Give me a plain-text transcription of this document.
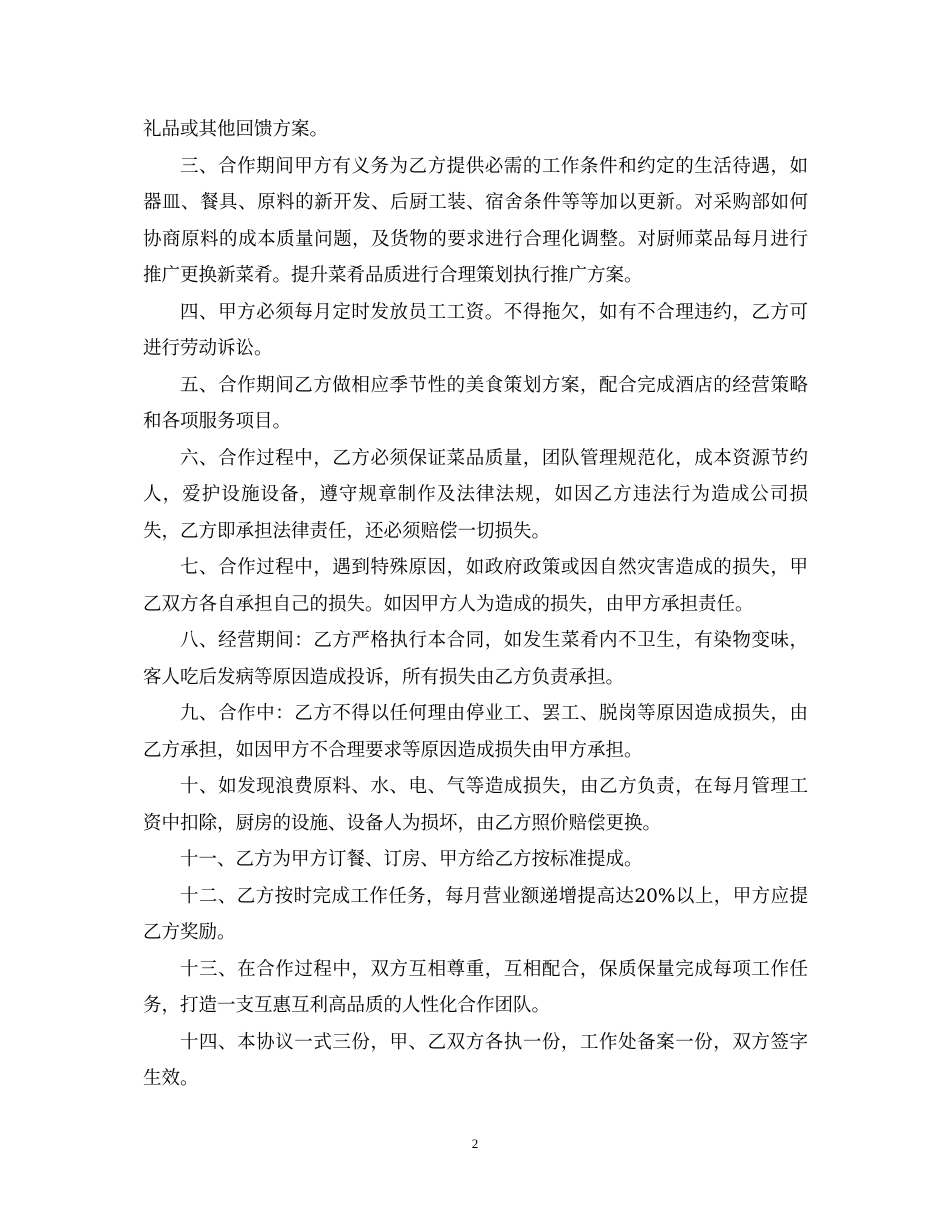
礼品或其他回馈方案。

三、合作期间甲方有义务为乙方提供必需的工作条件和约定的生活待遇，如器皿、餐具、原料的新开发、后厨工装、宿舍条件等等加以更新。对采购部如何协商原料的成本质量问题，及货物的要求进行合理化调整。对厨师菜品每月进行推广更换新菜肴。提升菜肴品质进行合理策划执行推广方案。

四、甲方必须每月定时发放员工工资。不得拖欠，如有不合理违约，乙方可进行劳动诉讼。

五、合作期间乙方做相应季节性的美食策划方案，配合完成酒店的经营策略和各项服务项目。

六、合作过程中，乙方必须保证菜品质量，团队管理规范化，成本资源节约人，爱护设施设备，遵守规章制作及法律法规，如因乙方违法行为造成公司损失，乙方即承担法律责任，还必须赔偿一切损失。

七、合作过程中，遇到特殊原因，如政府政策或因自然灾害造成的损失，甲乙双方各自承担自己的损失。如因甲方人为造成的损失，由甲方承担责任。

八、经营期间：乙方严格执行本合同，如发生菜肴内不卫生，有染物变味，客人吃后发病等原因造成投诉，所有损失由乙方负责承担。

九、合作中：乙方不得以任何理由停业工、罢工、脱岗等原因造成损失，由乙方承担，如因甲方不合理要求等原因造成损失由甲方承担。

十、如发现浪费原料、水、电、气等造成损失，由乙方负责，在每月管理工资中扣除，厨房的设施、设备人为损坏，由乙方照价赔偿更换。

十一、乙方为甲方订餐、订房、甲方给乙方按标准提成。

十二、乙方按时完成工作任务，每月营业额递增提高达20%以上，甲方应提乙方奖励。

十三、在合作过程中，双方互相尊重，互相配合，保质保量完成每项工作任务，打造一支互惠互利高品质的人性化合作团队。

十四、本协议一式三份，甲、乙双方各执一份，工作处备案一份，双方签字生效。

2
